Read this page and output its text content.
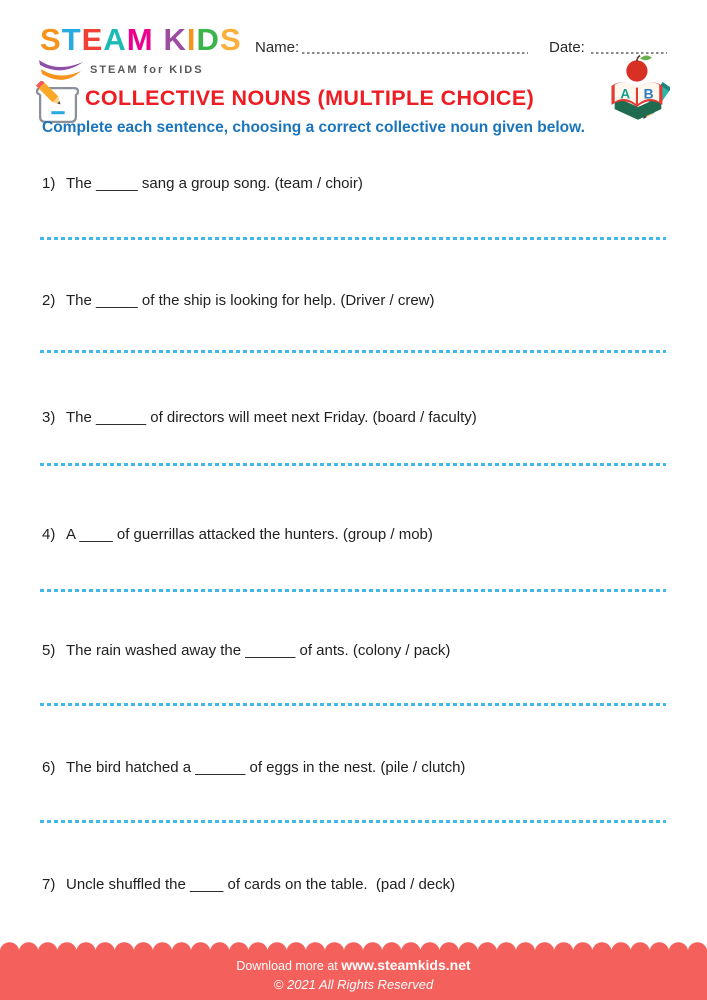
STEAM KIDS
STEAM for KIDS
Name:	Date:
A B
COLLECTIVE NOUNS (MULTIPLE CHOICE)
Complete each sentence, choosing a correct collective noun given below.
1) The _____ sang a group song. (team / choir)
2) The _____ of the ship is looking for help. (Driver / crew)
3) The ______ of directors will meet next Friday. (board / faculty)
4) A ____ of guerrillas attacked the hunters. (group / mob)
5) The rain washed away the ______ of ants. (colony / pack)
6) The bird hatched a ______ of eggs in the nest. (pile / clutch)
7) Uncle shuffled the ____ of cards on the table.  (pad / deck)
Download more at www.steamkids.net
© 2021 All Rights Reserved
